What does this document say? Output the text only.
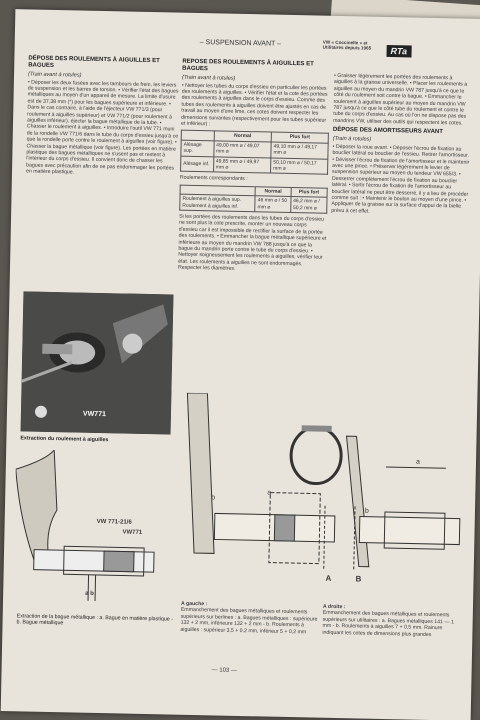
– SUSPENSION AVANT –	VW « Coccinelle » et Utilitaires depuis 1965	RTa
DÉPOSE DES ROULEMENTS À AIGUILLES ET BAGUES
(Train avant à rotules)

• Déposer les deux fusées avec les tambours de frein, les leviers de suspension et les barres de torsion. • Vérifier l'état des bagues métalliques au moyen d'un appareil de mesure. La limite d'usure est de 37,38 mm (*) pour les bagues supérieure et inférieure. • Dans le cas contraire, à l'aide de l'éjecteur VW 771/3 (pour roulement à aiguilles supérieur) et VW 771/2 (pour roulement à aiguilles inférieur), éjecter la bague métallique de la tube. • Chasser le roulement à aiguilles. • Introduire l'outil VW 771 muni de la rondelle VW 771/6 dans le tube du corps d'essieu jusqu'à ce que la rondelle porte contre le roulement à aiguilles (voir figure). • Chasser la bague métallique (voir figure). Les portées en matière plastique des bagues métalliques ne s'usent pas et restent à l'intérieur du corps d'essieu. Il convient donc de chasser les bagues avec précaution afin de ne pas endommager les portées en matière plastique.

REPOSE DES ROULEMENTS À AIGUILLES ET BAGUES
(Train avant à rotules)

• Nettoyer les tubes du corps d'essieu en particulier les portées des roulements à aiguilles. • Vérifier l'état et la cote des portées des roulements à aiguilles dans le corps d'essieu. Comme des tubes des roulements à aiguilles doivent être ajustés en cas de travail au moyen d'une lime, ces cotes doivent respecter les dimensions suivantes (respectivement pour les tubes supérieur et inférieur) :

	Normal	Plus fort
Alésage sup.	49,00 mm ⌀ / 49,07 mm ⌀	49,10 mm ⌀ / 49,17 mm ⌀
Alésage inf.	49,85 mm ⌀ / 49,97 mm ⌀	50,10 mm ⌀ / 50,17 mm ⌀

Roulements correspondants :

	Normal	Plus fort
Roulement à aiguilles sup. Roulement à aiguilles inf.	46 mm ⌀ / 50 mm ⌀	46,2 mm ⌀ / 50,2 mm ⌀

Si les portées des roulements dans les tubes du corps d'essieu ne sont plus la cote prescrite, monter un nouveau corps d'essieu car il est impossible de rectifier la surface de la portée des roulements. • Emmancher la bague métallique supérieure et inférieure au moyen du mandrin VW 788 jusqu'à ce que la bague du mandrin porte contre le tube du corps d'essieu. • Nettoyer soigneusement les roulements à aiguilles, vérifier leur état. Les roulements à aiguilles ne sont endommagés. Respecter les diamètres.

• Graisser légèrement les portées des roulements à aiguilles à la graisse universelle. • Placer les roulements à aiguilles au moyen du mandrin VW 787 jusqu'à ce que le côté du roulement soit contre la bague. • Emmancher le roulement à aiguilles supérieur au moyen du mandrin VW 787 jusqu'à ce que le côté tube du roulement et contre le tube du corps d'essieu. Au cas où l'on ne dispose pas des mandrins VW, utiliser des outils qui respectent les cotes.

DÉPOSE DES AMORTISSEURS AVANT
(Train à rotules)

• Déposer la roue avant. • Déposer l'écrou de fixation au bouclier latéral ou bouclier de l'essieu. Retirer l'amortisseur. • Dévisser l'écrou de fixation de l'amortisseur et le maintenir avec une pince. • Préserver légèrement le levier de suspension supérieur au moyen du tendeur VW 655/3. • Desserrer complètement l'écrou de fixation au bouclier latéral. • Sortir l'écrou de fixation de l'amortisseur au bouclier latéral ne peut être desserré, il y a lieu de procéder comme suit : • Maintenir le boulon au moyen d'une pince. • Appliquer de la graisse sur la surface d'appui de la bielle prévu à cet effet.

VW771
Extraction du roulement à aiguilles
VW 771-21/6
VW771
a b
Extraction de la bague métallique : a. Bague en matière plastique - b. Bague métallique
a
b
b
a
A	B
A gauche :
Emmanchement des bagues métalliques et roulements supérieurs sur berlines : a. Bagues métalliques : supérieure 132 + 2 mm, inférieure 132 + 2 mm - b. Roulements à aiguilles : supérieur 3,5 + 0,2 mm, inférieur 5 + 0,2 mm
A droite :
Emmanchement des bagues métalliques et roulements supérieurs sur utilitaires : a. Bagues métalliques 141 — 1 mm - b. Roulements à aiguilles 7 + 0,5 mm. Rainure indiquant les cotes de dimensions plus grandes
— 103 —
